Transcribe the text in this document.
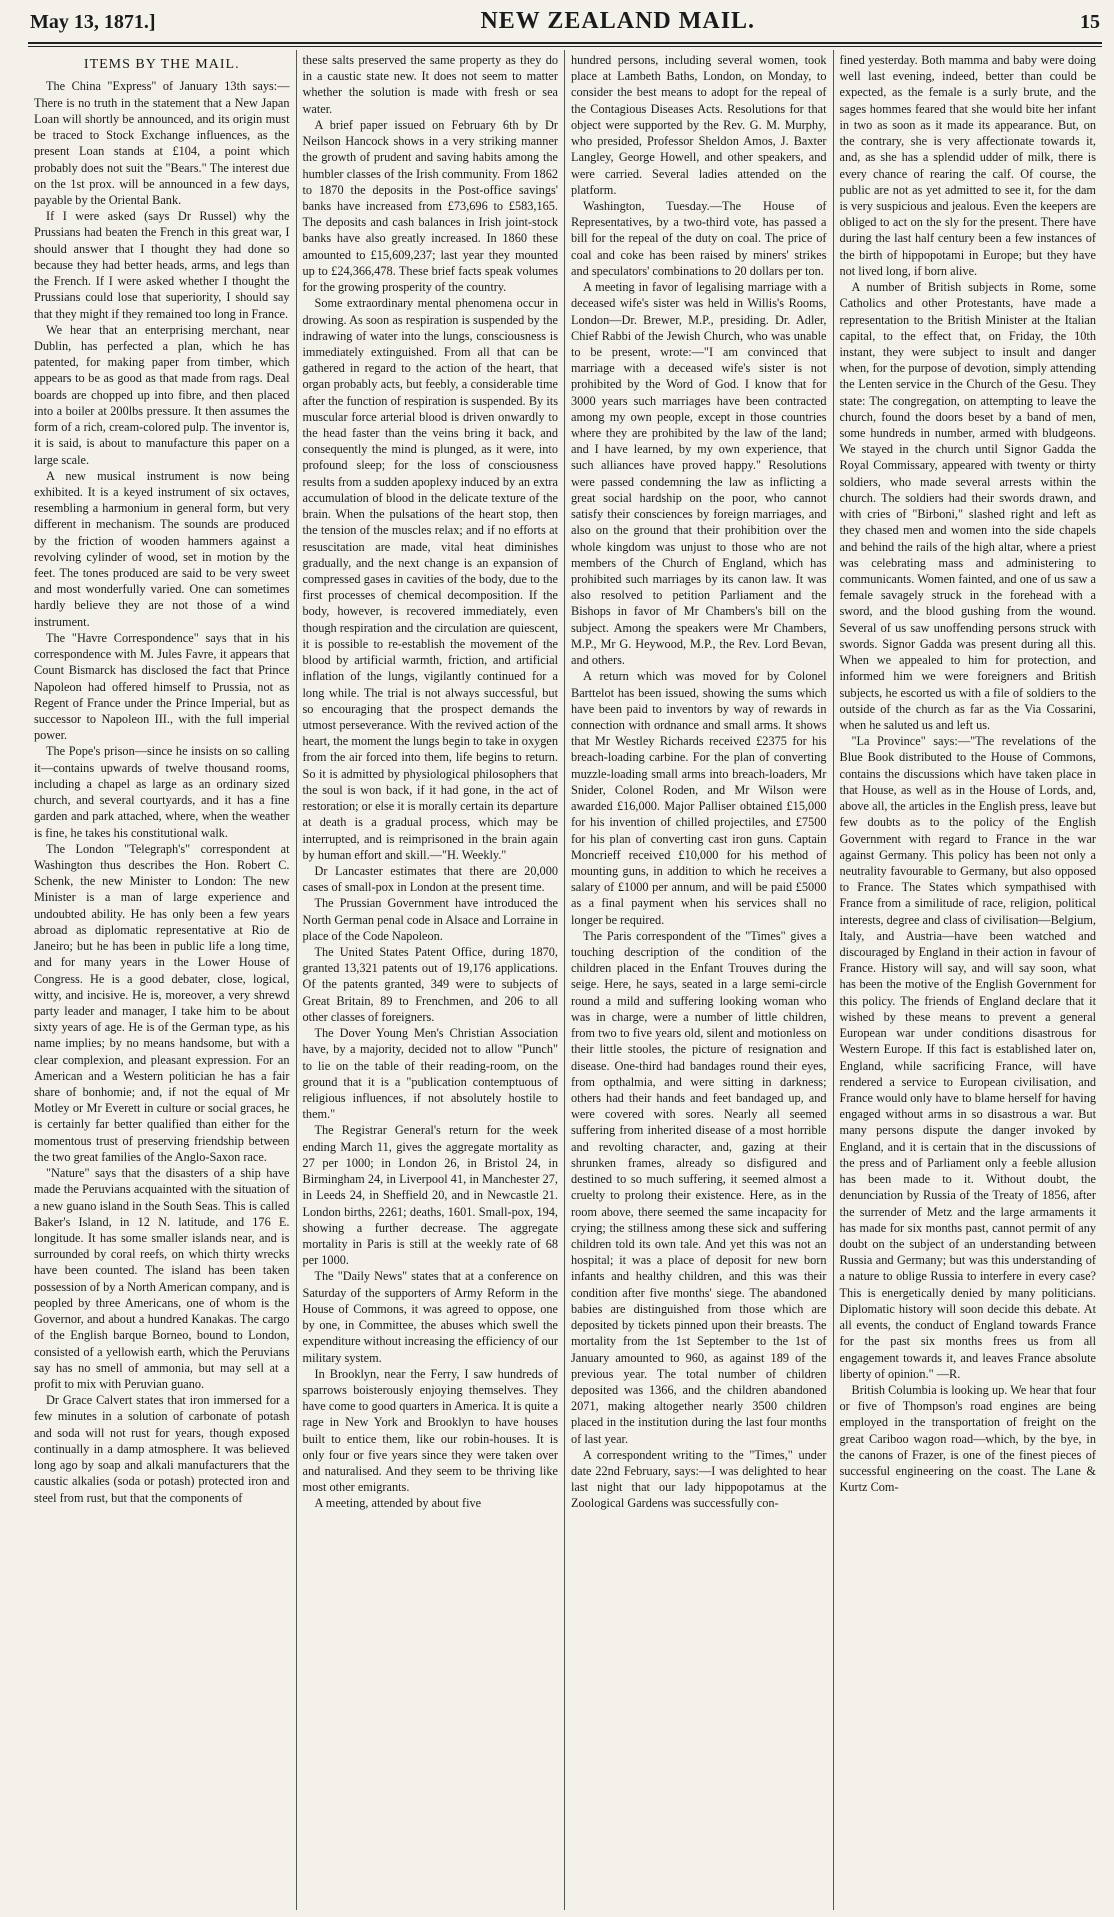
May 13, 1871.]	NEW ZEALAND MAIL.	15
ITEMS BY THE MAIL.

The China "Express" of January 13th says:—There is no truth in the statement that a New Japan Loan will shortly be announced, and its origin must be traced to Stock Exchange influences, as the present Loan stands at £104, a point which probably does not suit the "Bears." The interest due on the 1st prox. will be announced in a few days, payable by the Oriental Bank.

If I were asked (says Dr Russel) why the Prussians had beaten the French in this great war, I should answer that I thought they had done so because they had better heads, arms, and legs than the French. If I were asked whether I thought the Prussians could lose that superiority, I should say that they might if they remained too long in France.

We hear that an enterprising merchant, near Dublin, has perfected a plan, which he has patented, for making paper from timber, which appears to be as good as that made from rags. Deal boards are chopped up into fibre, and then placed into a boiler at 200lbs pressure. It then assumes the form of a rich, cream-colored pulp. The inventor is, it is said, is about to manufacture this paper on a large scale.

A new musical instrument is now being exhibited. It is a keyed instrument of six octaves, resembling a harmonium in general form, but very different in mechanism. The sounds are produced by the friction of wooden hammers against a revolving cylinder of wood, set in motion by the feet. The tones produced are said to be very sweet and most wonderfully varied. One can sometimes hardly believe they are not those of a wind instrument.

The "Havre Correspondence" says that in his correspondence with M. Jules Favre, it appears that Count Bismarck has disclosed the fact that Prince Napoleon had offered himself to Prussia, not as Regent of France under the Prince Imperial, but as successor to Napoleon III., with the full imperial power.

The Pope's prison—since he insists on so calling it—contains upwards of twelve thousand rooms, including a chapel as large as an ordinary sized church, and several courtyards, and it has a fine garden and park attached, where, when the weather is fine, he takes his constitutional walk.

The London "Telegraph's" correspondent at Washington thus describes the Hon. Robert C. Schenk, the new Minister to London: The new Minister is a man of large experience and undoubted ability. He has only been a few years abroad as diplomatic representative at Rio de Janeiro; but he has been in public life a long time, and for many years in the Lower House of Congress. He is a good debater, close, logical, witty, and incisive. He is, moreover, a very shrewd party leader and manager, I take him to be about sixty years of age. He is of the German type, as his name implies; by no means handsome, but with a clear complexion, and pleasant expression. For an American and a Western politician he has a fair share of bonhomie; and, if not the equal of Mr Motley or Mr Everett in culture or social graces, he is certainly far better qualified than either for the momentous trust of preserving friendship between the two great families of the Anglo-Saxon race.

"Nature" says that the disasters of a ship have made the Peruvians acquainted with the situation of a new guano island in the South Seas. This is called Baker's Island, in 12 N. latitude, and 176 E. longitude. It has some smaller islands near, and is surrounded by coral reefs, on which thirty wrecks have been counted. The island has been taken possession of by a North American company, and is peopled by three Americans, one of whom is the Governor, and about a hundred Kanakas. The cargo of the English barque Borneo, bound to London, consisted of a yellowish earth, which the Peruvians say has no smell of ammonia, but may sell at a profit to mix with Peruvian guano.

Dr Grace Calvert states that iron immersed for a few minutes in a solution of carbonate of potash and soda will not rust for years, though exposed continually in a damp atmosphere. It was believed long ago by soap and alkali manufacturers that the caustic alkalies (soda or potash) protected iron and steel from rust, but that the components of

these salts preserved the same property as they do in a caustic state new. It does not seem to matter whether the solution is made with fresh or sea water.

A brief paper issued on February 6th by Dr Neilson Hancock shows in a very striking manner the growth of prudent and saving habits among the humbler classes of the Irish community. From 1862 to 1870 the deposits in the Post-office savings' banks have increased from £73,696 to £583,165. The deposits and cash balances in Irish joint-stock banks have also greatly increased. In 1860 these amounted to £15,609,237; last year they mounted up to £24,366,478. These brief facts speak volumes for the growing prosperity of the country.

Some extraordinary mental phenomena occur in drowing. As soon as respiration is suspended by the indrawing of water into the lungs, consciousness is immediately extinguished. From all that can be gathered in regard to the action of the heart, that organ probably acts, but feebly, a considerable time after the function of respiration is suspended. By its muscular force arterial blood is driven onwardly to the head faster than the veins bring it back, and consequently the mind is plunged, as it were, into profound sleep; for the loss of consciousness results from a sudden apoplexy induced by an extra accumulation of blood in the delicate texture of the brain. When the pulsations of the heart stop, then the tension of the muscles relax; and if no efforts at resuscitation are made, vital heat diminishes gradually, and the next change is an expansion of compressed gases in cavities of the body, due to the first processes of chemical decomposition. If the body, however, is recovered immediately, even though respiration and the circulation are quiescent, it is possible to re-establish the movement of the blood by artificial warmth, friction, and artificial inflation of the lungs, vigilantly continued for a long while. The trial is not always successful, but so encouraging that the prospect demands the utmost perseverance. With the revived action of the heart, the moment the lungs begin to take in oxygen from the air forced into them, life begins to return. So it is admitted by physiological philosophers that the soul is won back, if it had gone, in the act of restoration; or else it is morally certain its departure at death is a gradual process, which may be interrupted, and is reimprisoned in the brain again by human effort and skill.—"H. Weekly."

Dr Lancaster estimates that there are 20,000 cases of small-pox in London at the present time.

The Prussian Government have introduced the North German penal code in Alsace and Lorraine in place of the Code Napoleon.

The United States Patent Office, during 1870, granted 13,321 patents out of 19,176 applications. Of the patents granted, 349 were to subjects of Great Britain, 89 to Frenchmen, and 206 to all other classes of foreigners.

The Dover Young Men's Christian Association have, by a majority, decided not to allow "Punch" to lie on the table of their reading-room, on the ground that it is a "publication contemptuous of religious influences, if not absolutely hostile to them."

The Registrar General's return for the week ending March 11, gives the aggregate mortality as 27 per 1000; in London 26, in Bristol 24, in Birmingham 24, in Liverpool 41, in Manchester 27, in Leeds 24, in Sheffield 20, and in Newcastle 21. London births, 2261; deaths, 1601. Small-pox, 194, showing a further decrease. The aggregate mortality in Paris is still at the weekly rate of 68 per 1000.

The "Daily News" states that at a conference on Saturday of the supporters of Army Reform in the House of Commons, it was agreed to oppose, one by one, in Committee, the abuses which swell the expenditure without increasing the efficiency of our military system.

In Brooklyn, near the Ferry, I saw hundreds of sparrows boisterously enjoying themselves. They have come to good quarters in America. It is quite a rage in New York and Brooklyn to have houses built to entice them, like our robin-houses. It is only four or five years since they were taken over and naturalised. And they seem to be thriving like most other emigrants.

A meeting, attended by about five

hundred persons, including several women, took place at Lambeth Baths, London, on Monday, to consider the best means to adopt for the repeal of the Contagious Diseases Acts. Resolutions for that object were supported by the Rev. G. M. Murphy, who presided, Professor Sheldon Amos, J. Baxter Langley, George Howell, and other speakers, and were carried. Several ladies attended on the platform.

Washington, Tuesday.—The House of Representatives, by a two-third vote, has passed a bill for the repeal of the duty on coal. The price of coal and coke has been raised by miners' strikes and speculators' combinations to 20 dollars per ton.

A meeting in favor of legalising marriage with a deceased wife's sister was held in Willis's Rooms, London—Dr. Brewer, M.P., presiding. Dr. Adler, Chief Rabbi of the Jewish Church, who was unable to be present, wrote:—"I am convinced that marriage with a deceased wife's sister is not prohibited by the Word of God. I know that for 3000 years such marriages have been contracted among my own people, except in those countries where they are prohibited by the law of the land; and I have learned, by my own experience, that such alliances have proved happy." Resolutions were passed condemning the law as inflicting a great social hardship on the poor, who cannot satisfy their consciences by foreign marriages, and also on the ground that their prohibition over the whole kingdom was unjust to those who are not members of the Church of England, which has prohibited such marriages by its canon law. It was also resolved to petition Parliament and the Bishops in favor of Mr Chambers's bill on the subject. Among the speakers were Mr Chambers, M.P., Mr G. Heywood, M.P., the Rev. Lord Bevan, and others.

A return which was moved for by Colonel Barttelot has been issued, showing the sums which have been paid to inventors by way of rewards in connection with ordnance and small arms. It shows that Mr Westley Richards received £2375 for his breach-loading carbine. For the plan of converting muzzle-loading small arms into breach-loaders, Mr Snider, Colonel Roden, and Mr Wilson were awarded £16,000. Major Palliser obtained £15,000 for his invention of chilled projectiles, and £7500 for his plan of converting cast iron guns. Captain Moncrieff received £10,000 for his method of mounting guns, in addition to which he receives a salary of £1000 per annum, and will be paid £5000 as a final payment when his services shall no longer be required.

The Paris correspondent of the "Times" gives a touching description of the condition of the children placed in the Enfant Trouves during the seige. Here, he says, seated in a large semi-circle round a mild and suffering looking woman who was in charge, were a number of little children, from two to five years old, silent and motionless on their little stooles, the picture of resignation and disease. One-third had bandages round their eyes, from opthalmia, and were sitting in darkness; others had their hands and feet bandaged up, and were covered with sores. Nearly all seemed suffering from inherited disease of a most horrible and revolting character, and, gazing at their shrunken frames, already so disfigured and destined to so much suffering, it seemed almost a cruelty to prolong their existence. Here, as in the room above, there seemed the same incapacity for crying; the stillness among these sick and suffering children told its own tale. And yet this was not an hospital; it was a place of deposit for new born infants and healthy children, and this was their condition after five months' siege. The abandoned babies are distinguished from those which are deposited by tickets pinned upon their breasts. The mortality from the 1st September to the 1st of January amounted to 960, as against 189 of the previous year. The total number of children deposited was 1366, and the children abandoned 2071, making altogether nearly 3500 children placed in the institution during the last four months of last year.

A correspondent writing to the "Times," under date 22nd February, says:—I was delighted to hear last night that our lady hippopotamus at the Zoological Gardens was successfully con-

fined yesterday. Both mamma and baby were doing well last evening, indeed, better than could be expected, as the female is a surly brute, and the sages hommes feared that she would bite her infant in two as soon as it made its appearance. But, on the contrary, she is very affectionate towards it, and, as she has a splendid udder of milk, there is every chance of rearing the calf. Of course, the public are not as yet admitted to see it, for the dam is very suspicious and jealous. Even the keepers are obliged to act on the sly for the present. There have during the last half century been a few instances of the birth of hippopotami in Europe; but they have not lived long, if born alive.

A number of British subjects in Rome, some Catholics and other Protestants, have made a representation to the British Minister at the Italian capital, to the effect that, on Friday, the 10th instant, they were subject to insult and danger when, for the purpose of devotion, simply attending the Lenten service in the Church of the Gesu. They state: The congregation, on attempting to leave the church, found the doors beset by a band of men, some hundreds in number, armed with bludgeons. We stayed in the church until Signor Gadda the Royal Commissary, appeared with twenty or thirty soldiers, who made several arrests within the church. The soldiers had their swords drawn, and with cries of "Birboni," slashed right and left as they chased men and women into the side chapels and behind the rails of the high altar, where a priest was celebrating mass and administering to communicants. Women fainted, and one of us saw a female savagely struck in the forehead with a sword, and the blood gushing from the wound. Several of us saw unoffending persons struck with swords. Signor Gadda was present during all this. When we appealed to him for protection, and informed him we were foreigners and British subjects, he escorted us with a file of soldiers to the outside of the church as far as the Via Cossarini, when he saluted us and left us.

"La Province" says:—"The revelations of the Blue Book distributed to the House of Commons, contains the discussions which have taken place in that House, as well as in the House of Lords, and, above all, the articles in the English press, leave but few doubts as to the policy of the English Government with regard to France in the war against Germany. This policy has been not only a neutrality favourable to Germany, but also opposed to France. The States which sympathised with France from a similitude of race, religion, political interests, degree and class of civilisation—Belgium, Italy, and Austria—have been watched and discouraged by England in their action in favour of France. History will say, and will say soon, what has been the motive of the English Government for this policy. The friends of England declare that it wished by these means to prevent a general European war under conditions disastrous for Western Europe. If this fact is established later on, England, while sacrificing France, will have rendered a service to European civilisation, and France would only have to blame herself for having engaged without arms in so disastrous a war. But many persons dispute the danger invoked by England, and it is certain that in the discussions of the press and of Parliament only a feeble allusion has been made to it. Without doubt, the denunciation by Russia of the Treaty of 1856, after the surrender of Metz and the large armaments it has made for six months past, cannot permit of any doubt on the subject of an understanding between Russia and Germany; but was this understanding of a nature to oblige Russia to interfere in every case? This is energetically denied by many politicians. Diplomatic history will soon decide this debate. At all events, the conduct of England towards France for the past six months frees us from all engagement towards it, and leaves France absolute liberty of opinion." —R.

British Columbia is looking up. We hear that four or five of Thompson's road engines are being employed in the transportation of freight on the great Cariboo wagon road—which, by the bye, in the canons of Frazer, is one of the finest pieces of successful engineering on the coast. The Lane & Kurtz Com-
